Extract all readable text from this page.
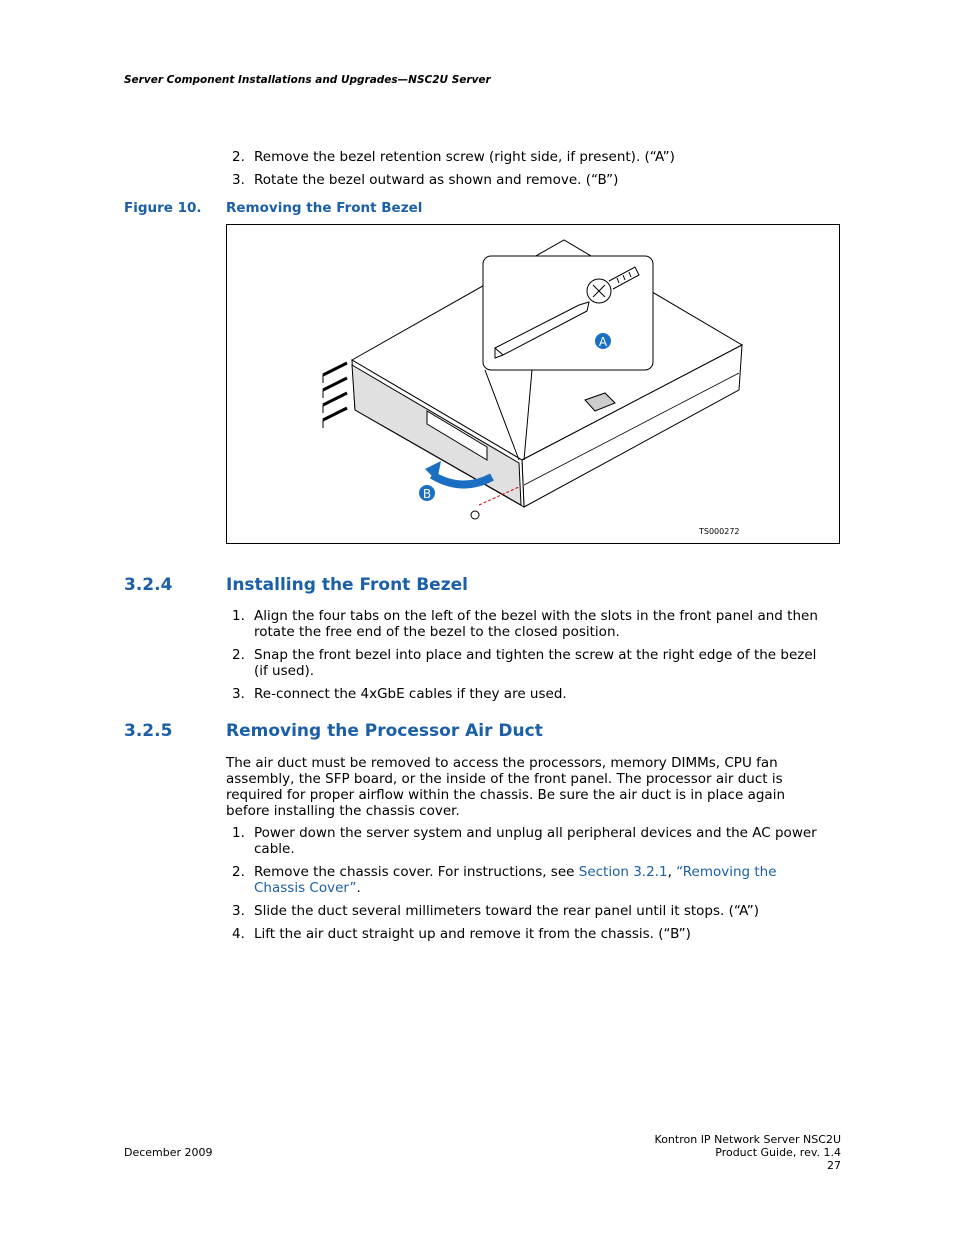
Server Component Installations and Upgrades—NSC2U Server
2. Remove the bezel retention screw (right side, if present). (“A”)
3. Rotate the bezel outward as shown and remove. (“B”)
Figure 10. Removing the Front Bezel
A
B
TS000272
3.2.4	Installing the Front Bezel
1. Align the four tabs on the left of the bezel with the slots in the front panel and then
rotate the free end of the bezel to the closed position.
2. Snap the front bezel into place and tighten the screw at the right edge of the bezel
(if used).
3. Re-connect the 4xGbE cables if they are used.
3.2.5	Removing the Processor Air Duct
The air duct must be removed to access the processors, memory DIMMs, CPU fan
assembly, the SFP board, or the inside of the front panel. The processor air duct is
required for proper airflow within the chassis. Be sure the air duct is in place again
before installing the chassis cover.
1. Power down the server system and unplug all peripheral devices and the AC power
cable.
2. Remove the chassis cover. For instructions, see Section 3.2.1, “Removing the
Chassis Cover”.
3. Slide the duct several millimeters toward the rear panel until it stops. (“A”)
4. Lift the air duct straight up and remove it from the chassis. (“B”)
December 2009
Kontron IP Network Server NSC2U
Product Guide, rev. 1.4
27
